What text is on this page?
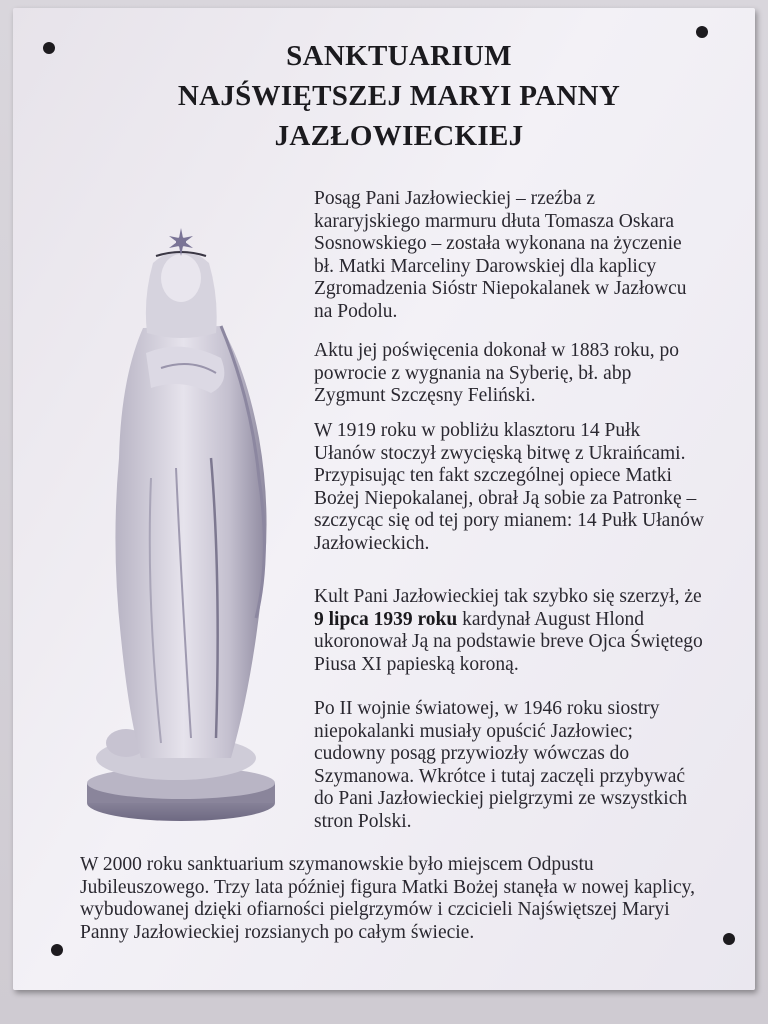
SANKTUARIUM
NAJŚWIĘTSZEJ MARYI PANNY
JAZŁOWIECKIEJ

Posąg Pani Jazłowieckiej – rzeźba z kararyjskiego marmuru dłuta Tomasza Oskara Sosnowskiego – została wykonana na życzenie bł. Matki Marceliny Darowskiej dla kaplicy Zgromadzenia Sióstr Niepokalanek w Jazłowcu na Podolu.

Aktu jej poświęcenia dokonał w 1883 roku, po powrocie z wygnania na Syberię, bł. abp Zygmunt Szczęsny Feliński.

W 1919 roku w pobliżu klasztoru 14 Pułk Ułanów stoczył zwycięską bitwę z Ukraińcami. Przypisując ten fakt szczególnej opiece Matki Bożej Niepokalanej, obrał Ją sobie za Patronkę – szczycąc się od tej pory mianem: 14 Pułk Ułanów Jazłowieckich.

Kult Pani Jazłowieckiej tak szybko się szerzył, że 9 lipca 1939 roku kardynał August Hlond ukoronował Ją na podstawie breve Ojca Świętego Piusa XI papieską koroną.

Po II wojnie światowej, w 1946 roku siostry niepokalanki musiały opuścić Jazłowiec; cudowny posąg przywiozły wówczas do Szymanowa. Wkrótce i tutaj zaczęli przybywać do Pani Jazłowieckiej pielgrzymi ze wszystkich stron Polski.

W 2000 roku sanktuarium szymanowskie było miejscem Odpustu Jubileuszowego. Trzy lata później figura Matki Bożej stanęła w nowej kaplicy, wybudowanej dzięki ofiarności pielgrzymów i czcicieli Najświętszej Maryi Panny Jazłowieckiej rozsianych po całym świecie.
